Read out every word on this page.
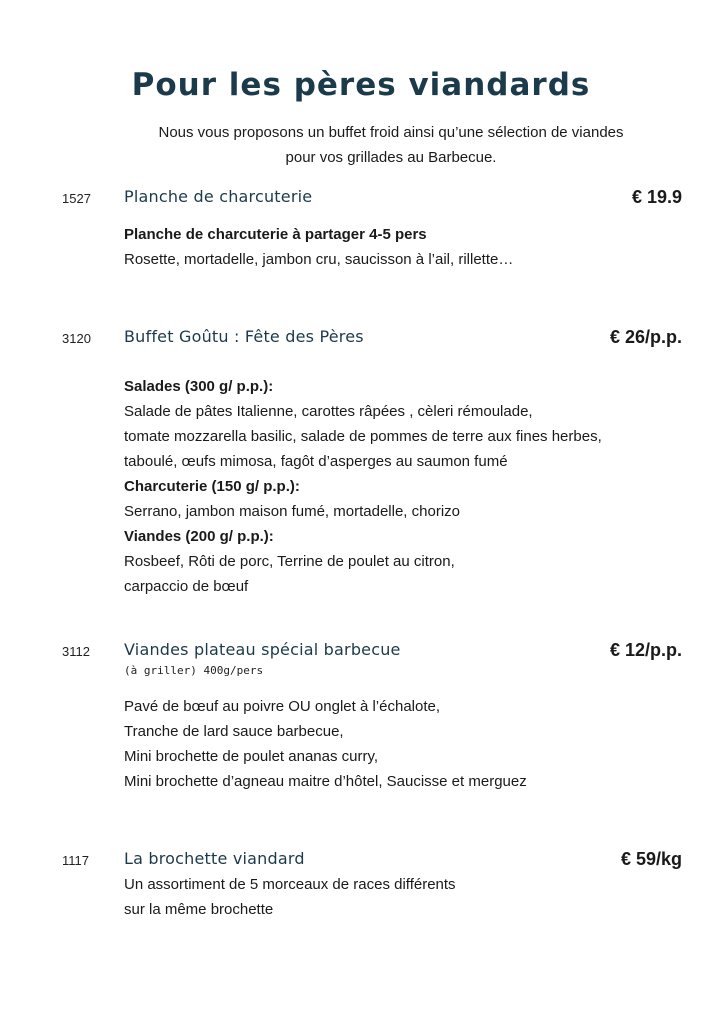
Pour les pères viandards
Nous vous proposons un buffet froid ainsi qu’une sélection de viandes
pour vos grillades au Barbecue.
1527 Planche de charcuterie	€ 19.9
Planche de charcuterie à partager 4-5 pers
Rosette, mortadelle, jambon cru, saucisson à l’ail, rillette…
3120 Buffet Goûtu : Fête des Pères	€ 26/p.p.
Salades (300 g/ p.p.):
Salade de pâtes Italienne, carottes râpées , cèleri rémoulade,
tomate mozzarella basilic, salade de pommes de terre aux fines herbes,
taboulé, œufs mimosa, fagôt d’asperges au saumon fumé
Charcuterie (150 g/ p.p.):
Serrano, jambon maison fumé, mortadelle, chorizo
Viandes (200 g/ p.p.):
Rosbeef, Rôti de porc, Terrine de poulet au citron,
carpaccio de bœuf
3112 Viandes plateau spécial barbecue	€ 12/p.p.
(à griller) 400g/pers
Pavé de bœuf au poivre OU onglet à l’échalote,
Tranche de lard sauce barbecue,
Mini brochette de poulet ananas curry,
Mini brochette d’agneau maitre d’hôtel, Saucisse et merguez
1117 La brochette viandard	€ 59/kg
Un assortiment de 5 morceaux de races différents
sur la même brochette
